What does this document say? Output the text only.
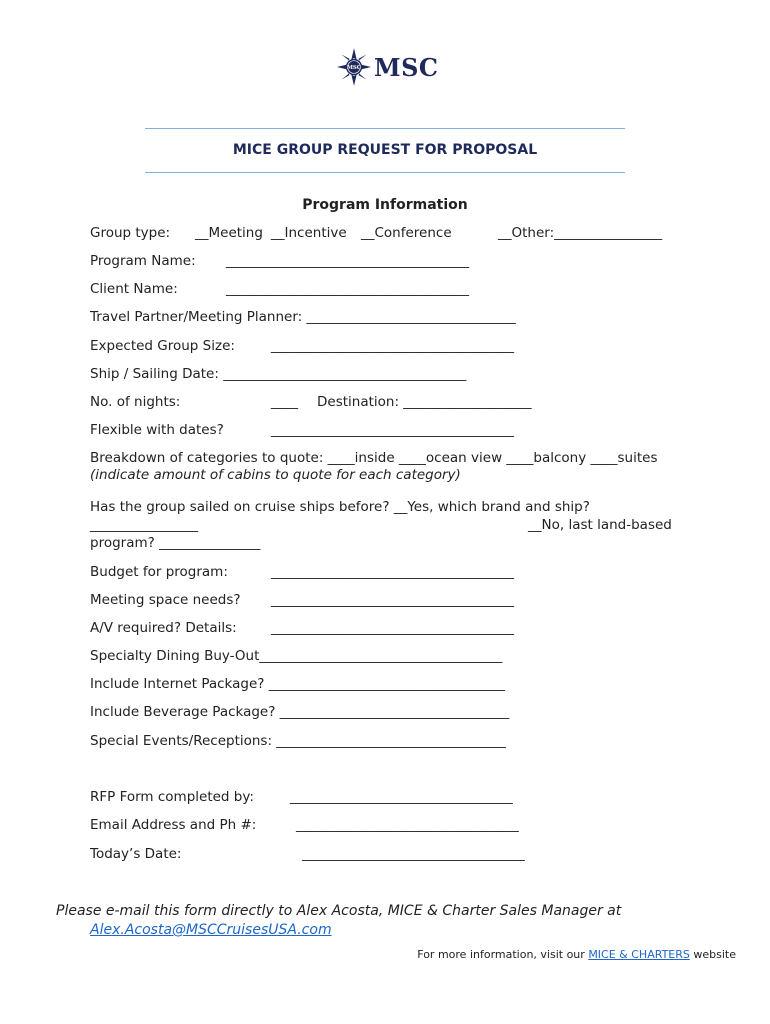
MSC MSC
MICE GROUP REQUEST FOR PROPOSAL
Program Information
Group type: __Meeting __Incentive __Conference	__Other:________________
Program Name: ____________________________________
Client Name:	____________________________________
Travel Partner/Meeting Planner: _______________________________
Expected Group Size:	____________________________________
Ship / Sailing Date: ____________________________________
No. of nights:	____ Destination: ___________________
Flexible with dates?	____________________________________
Breakdown of categories to quote: ____inside ____ocean view ____balcony ____suites
(indicate amount of cabins to quote for each category)
Has the group sailed on cruise ships before? __Yes, which brand and ship?
________________	__No, last land-based
program? _______________
Budget for program:	____________________________________
Meeting space needs? ____________________________________
A/V required? Details:	____________________________________
Specialty Dining Buy-Out____________________________________
Include Internet Package? ___________________________________
Include Beverage Package? __________________________________
Special Events/Receptions: __________________________________
RFP Form completed by:	_________________________________
Email Address and Ph #:	_________________________________
Today’s Date:	_________________________________
Please e-mail this form directly to Alex Acosta, MICE & Charter Sales Manager at
Alex.Acosta@MSCCruisesUSA.com
For more information, visit our MICE & CHARTERS website
